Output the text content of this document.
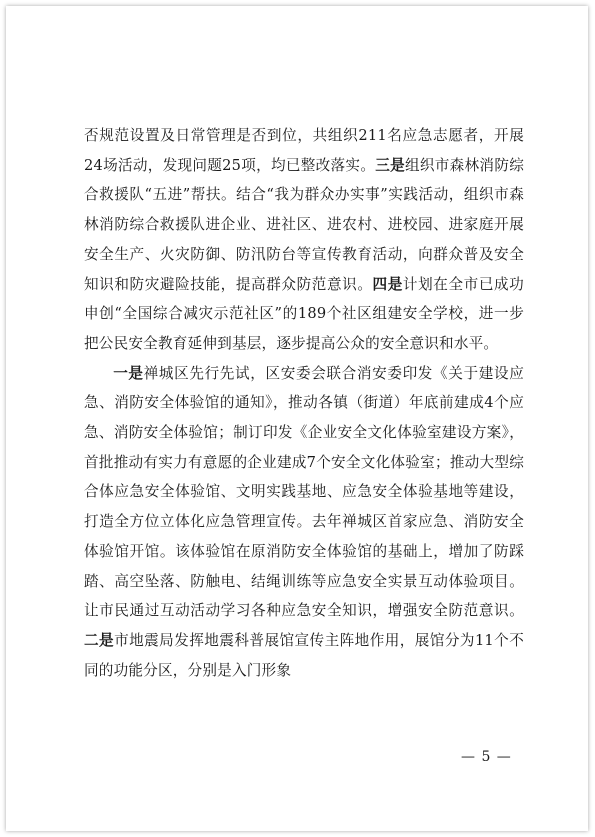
否规范设置及日常管理是否到位，共组织211名应急志愿者，开展24场活动，发现问题25项，均已整改落实。三是组织市森林消防综合救援队“五进”帮扶。结合“我为群众办实事”实践活动，组织市森林消防综合救援队进企业、进社区、进农村、进校园、进家庭开展安全生产、火灾防御、防汛防台等宣传教育活动，向群众普及安全知识和防灾避险技能，提高群众防范意识。四是计划在全市已成功申创“全国综合减灾示范社区”的189个社区组建安全学校，进一步把公民安全教育延伸到基层，逐步提高公众的安全意识和水平。

一是禅城区先行先试，区安委会联合消安委印发《关于建设应急、消防安全体验馆的通知》，推动各镇（街道）年底前建成4个应急、消防安全体验馆；制订印发《企业安全文化体验室建设方案》，首批推动有实力有意愿的企业建成7个安全文化体验室；推动大型综合体应急安全体验馆、文明实践基地、应急安全体验基地等建设，打造全方位立体化应急管理宣传。去年禅城区首家应急、消防安全体验馆开馆。该体验馆在原消防安全体验馆的基础上，增加了防踩踏、高空坠落、防触电、结绳训练等应急安全实景互动体验项目。让市民通过互动活动学习各种应急安全知识，增强安全防范意识。二是市地震局发挥地震科普展馆宣传主阵地作用，展馆分为11个不同的功能分区，分别是入门形象

— 5 —
